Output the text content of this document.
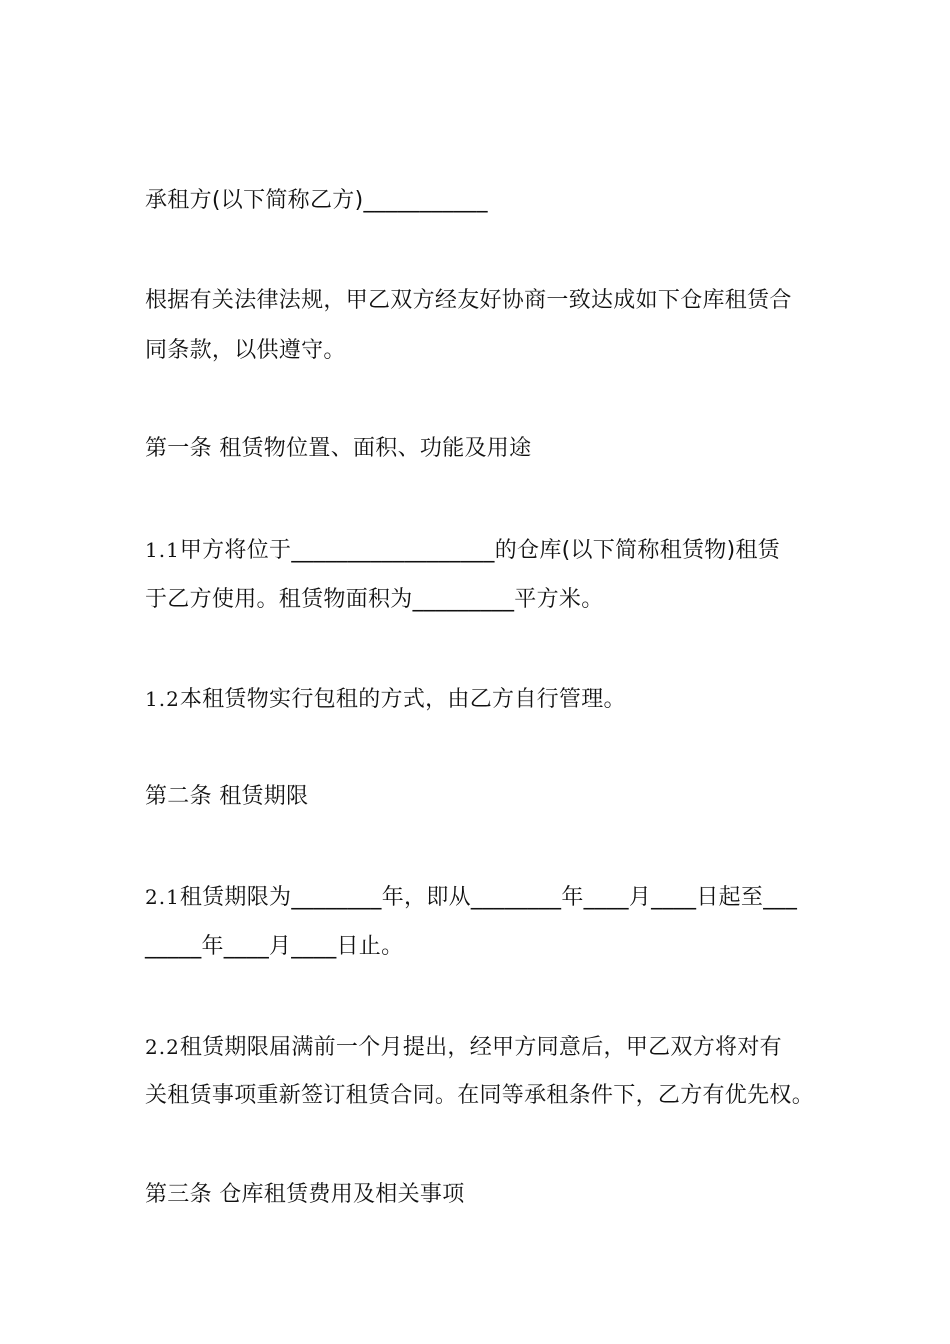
承租方(以下简称乙方)___________
根据有关法律法规，甲乙双方经友好协商一致达成如下仓库租赁合
同条款，以供遵守。
第一条 租赁物位置、面积、功能及用途
1.1甲方将位于__________________的仓库(以下简称租赁物)租赁
于乙方使用。租赁物面积为_________平方米。
1.2本租赁物实行包租的方式，由乙方自行管理。
第二条 租赁期限
2.1租赁期限为________年，即从________年____月____日起至___
_____年____月____日止。
2.2租赁期限届满前一个月提出，经甲方同意后，甲乙双方将对有
关租赁事项重新签订租赁合同。在同等承租条件下，乙方有优先权。
第三条 仓库租赁费用及相关事项
